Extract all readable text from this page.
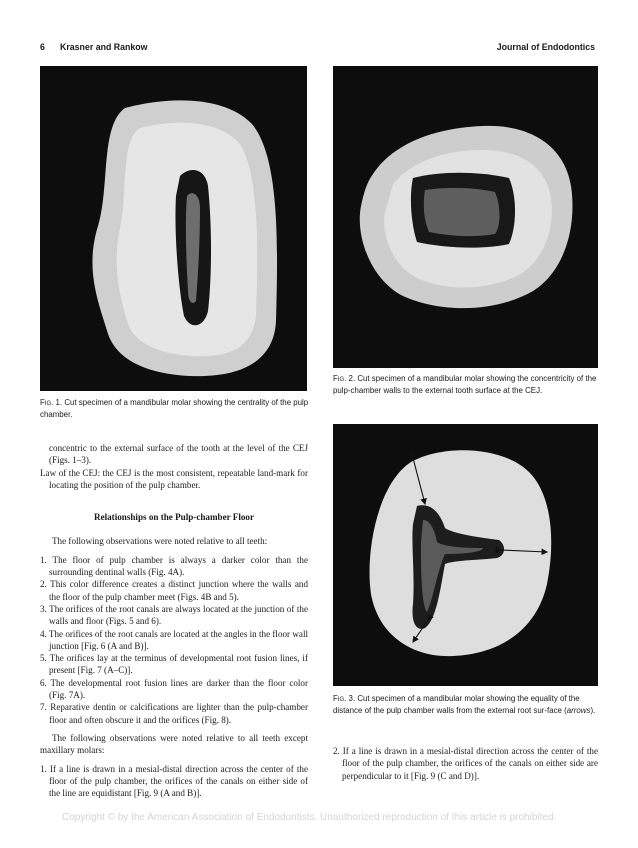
6 Krasner and Rankow	Journal of Endodontics
Fig. 1. Cut specimen of a mandibular molar showing the centrality of the pulp chamber.
Fig. 2. Cut specimen of a mandibular molar showing the concentricity of the pulp-chamber walls to the external tooth surface at the CEJ.
Fig. 3. Cut specimen of a mandibular molar showing the equality of the distance of the pulp chamber walls from the external root sur-face (arrows).

concentric to the external surface of the tooth at the level of the CEJ (Figs. 1–3).

Law of the CEJ: the CEJ is the most consistent, repeatable land-mark for locating the position of the pulp chamber.

Relationships on the Pulp-chamber Floor

The following observations were noted relative to all teeth:

1. The floor of pulp chamber is always a darker color than the surrounding dentinal walls (Fig. 4A).

2. This color difference creates a distinct junction where the walls and the floor of the pulp chamber meet (Figs. 4B and 5).

3. The orifices of the root canals are always located at the junction of the walls and floor (Figs. 5 and 6).

4. The orifices of the root canals are located at the angles in the floor wall junction [Fig. 6 (A and B)].

5. The orifices lay at the terminus of developmental root fusion lines, if present [Fig. 7 (A–C)].

6. The developmental root fusion lines are darker than the floor color (Fig. 7A).

7. Reparative dentin or calcifications are lighter than the pulp-chamber floor and often obscure it and the orifices (Fig. 8).

The following observations were noted relative to all teeth except maxillary molars:

1. If a line is drawn in a mesial-distal direction across the center of the floor of the pulp chamber, the orifices of the canals on either side of the line are equidistant [Fig. 9 (A and B)].

2. If a line is drawn in a mesial-distal direction across the center of the floor of the pulp chamber, the orifices of the canals on either side are perpendicular to it [Fig. 9 (C and D)].

Copyright © by the American Association of Endodontists. Unauthorized reproduction of this article is prohibited.
